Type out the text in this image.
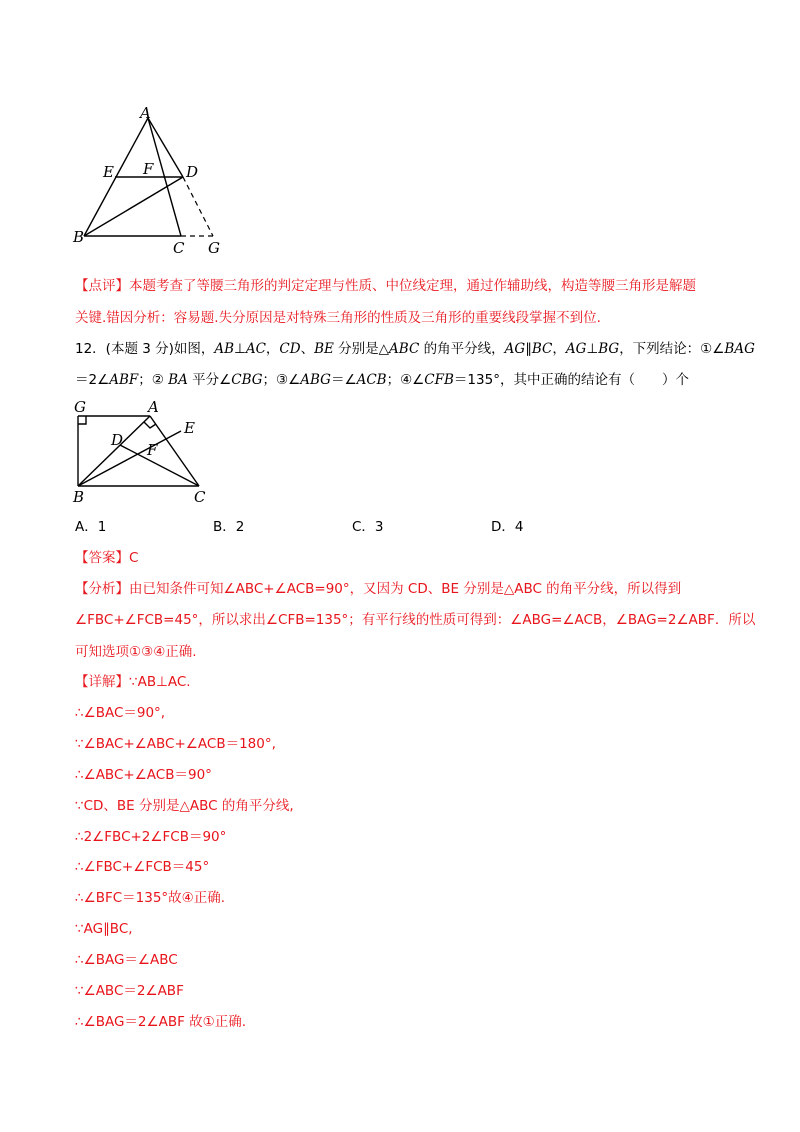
A
E F D
B
C G
【点评】本题考查了等腰三角形的判定定理与性质、中位线定理，通过作辅助线，构造等腰三角形是解题
关键.错因分析：容易题.失分原因是对特殊三角形的性质及三角形的重要线段掌握不到位.
12．(本题 3 分)如图，AB⊥AC，CD、BE 分别是△ABC 的角平分线，AG∥BC，AG⊥BG，下列结论：①∠BAG
＝2∠ABF；② BA 平分∠CBG；③∠ABG＝∠ACB；④∠CFB＝135°，其中正确的结论有（　　）个
G	A
D
F
E
B	C
A．1	B．2	C．3	D．4
【答案】C
【分析】由已知条件可知∠ABC+∠ACB=90°，又因为 CD、BE 分别是△ABC 的角平分线，所以得到
∠FBC+∠FCB=45°，所以求出∠CFB=135°；有平行线的性质可得到：∠ABG=∠ACB，∠BAG=2∠ABF．所以
可知选项①③④正确.
【详解】∵AB⊥AC.
∴∠BAC＝90°,
∵∠BAC+∠ABC+∠ACB＝180°,
∴∠ABC+∠ACB＝90°
∵CD、BE 分别是△ABC 的角平分线,
∴2∠FBC+2∠FCB＝90°
∴∠FBC+∠FCB＝45°
∴∠BFC＝135°故④正确.
∵AG∥BC,
∴∠BAG＝∠ABC
∵∠ABC＝2∠ABF
∴∠BAG＝2∠ABF 故①正确.
